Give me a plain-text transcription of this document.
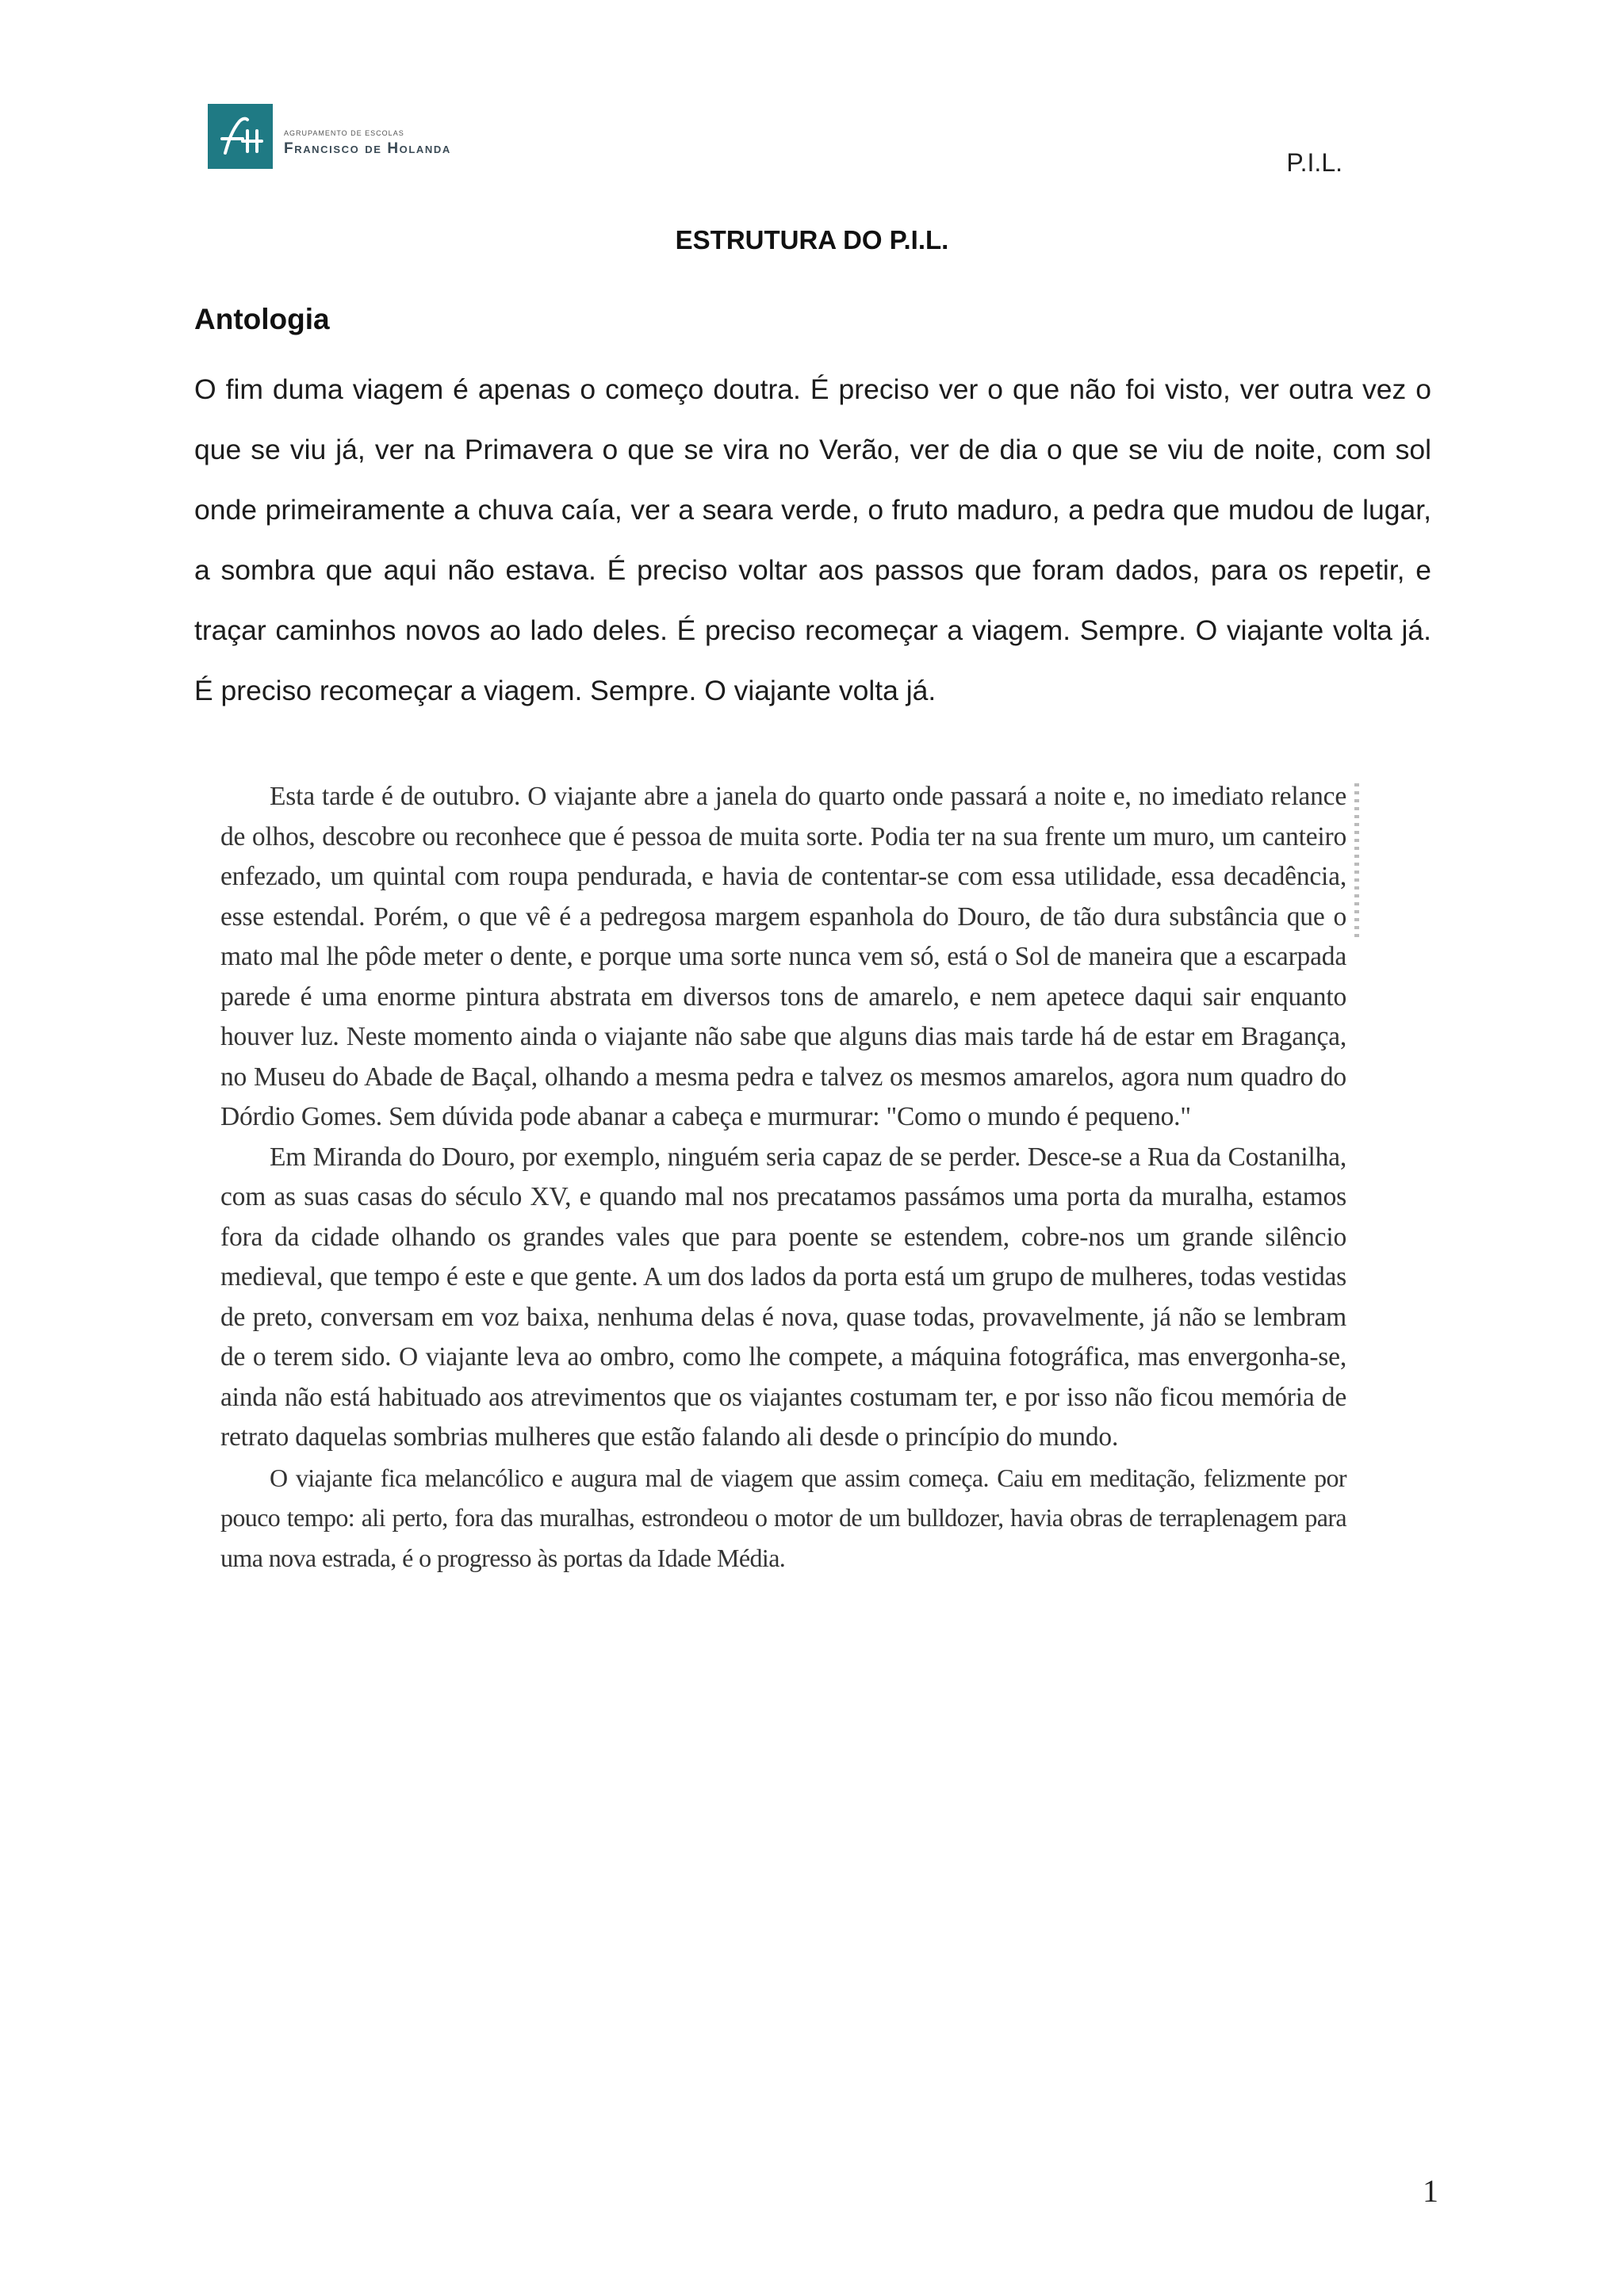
AGRUPAMENTO DE ESCOLAS
Francisco de Holanda	P.I.L.
ESTRUTURA DO P.I.L.
Antologia
O fim duma viagem é apenas o começo doutra. É preciso ver o que não foi visto, ver outra vez o que se viu já, ver na Primavera o que se vira no Verão, ver de dia o que se viu de noite, com sol onde primeiramente a chuva caía, ver a seara verde, o fruto maduro, a pedra que mudou de lugar, a sombra que aqui não estava. É preciso voltar aos passos que foram dados, para os repetir, e traçar caminhos novos ao lado deles. É preciso recomeçar a viagem. Sempre. O viajante volta já. É preciso recomeçar a viagem. Sempre. O viajante volta já.

Esta tarde é de outubro. O viajante abre a janela do quarto onde passará a noite e, no imediato relance de olhos, descobre ou reconhece que é pessoa de muita sorte. Podia ter na sua frente um muro, um canteiro enfezado, um quintal com roupa pendurada, e havia de contentar-se com essa utilidade, essa decadência, esse estendal. Porém, o que vê é a pedregosa margem espanhola do Douro, de tão dura substância que o mato mal lhe pôde meter o dente, e porque uma sorte nunca vem só, está o Sol de maneira que a escarpada parede é uma enorme pintura abstrata em diversos tons de amarelo, e nem apetece daqui sair enquanto houver luz. Neste momento ainda o viajante não sabe que alguns dias mais tarde há de estar em Bragança, no Museu do Abade de Baçal, olhando a mesma pedra e talvez os mesmos amarelos, agora num quadro do Dórdio Gomes. Sem dúvida pode abanar a cabeça e murmurar: "Como o mundo é pequeno."

Em Miranda do Douro, por exemplo, ninguém seria capaz de se perder. Desce-se a Rua da Costanilha, com as suas casas do século XV, e quando mal nos precatamos passámos uma porta da muralha, estamos fora da cidade olhando os grandes vales que para poente se estendem, cobre-nos um grande silêncio medieval, que tempo é este e que gente. A um dos lados da porta está um grupo de mulheres, todas vestidas de preto, conversam em voz baixa, nenhuma delas é nova, quase todas, provavelmente, já não se lembram de o terem sido. O viajante leva ao ombro, como lhe compete, a máquina fotográfica, mas envergonha-se, ainda não está habituado aos atrevimentos que os viajantes costumam ter, e por isso não ficou memória de retrato daquelas sombrias mulheres que estão falando ali desde o princípio do mundo.

O viajante fica melancólico e augura mal de viagem que assim começa. Caiu em meditação, felizmente por pouco tempo: ali perto, fora das muralhas, estrondeou o motor de um bulldozer, havia obras de terraplenagem para uma nova estrada, é o progresso às portas da Idade Média.

1
